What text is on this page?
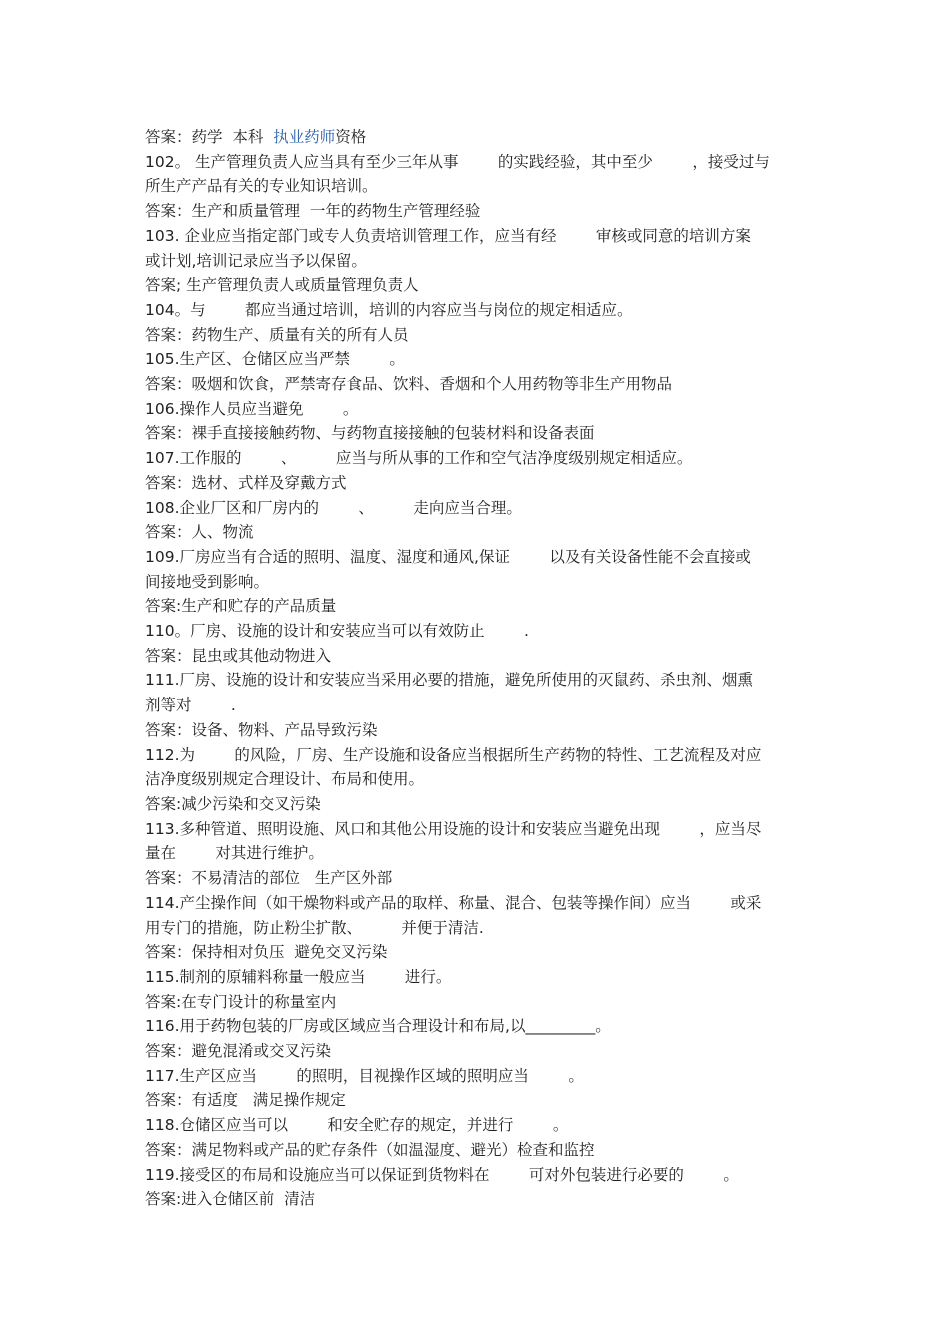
答案：药学  本科  执业药师资格
102。 生产管理负责人应当具有至少三年从事        的实践经验，其中至少        ，接受过与
所生产产品有关的专业知识培训。
答案：生产和质量管理  一年的药物生产管理经验
103. 企业应当指定部门或专人负责培训管理工作，应当有经        审核或同意的培训方案
或计划,培训记录应当予以保留。
答案; 生产管理负责人或质量管理负责人
104。与        都应当通过培训，培训的内容应当与岗位的规定相适应。
答案：药物生产、质量有关的所有人员
105.生产区、仓储区应当严禁        。
答案：吸烟和饮食，严禁寄存食品、饮料、香烟和个人用药物等非生产用物品
106.操作人员应当避免        。
答案：裸手直接接触药物、与药物直接接触的包装材料和设备表面
107.工作服的        、        应当与所从事的工作和空气洁净度级别规定相适应。
答案：选材、式样及穿戴方式
108.企业厂区和厂房内的        、        走向应当合理。
答案：人、物流
109.厂房应当有合适的照明、温度、湿度和通风,保证        以及有关设备性能不会直接或
间接地受到影响。
答案:生产和贮存的产品质量
110。厂房、设施的设计和安装应当可以有效防止        .
答案：昆虫或其他动物进入
111.厂房、设施的设计和安装应当采用必要的措施，避免所使用的灭鼠药、杀虫剂、烟熏
剂等对        .
答案：设备、物料、产品导致污染
112.为        的风险，厂房、生产设施和设备应当根据所生产药物的特性、工艺流程及对应
洁净度级别规定合理设计、布局和使用。
答案:减少污染和交叉污染
113.多种管道、照明设施、风口和其他公用设施的设计和安装应当避免出现        ，应当尽
量在        对其进行维护。
答案：不易清洁的部位   生产区外部
114.产尘操作间（如干燥物料或产品的取样、称量、混合、包装等操作间）应当        或采
用专门的措施，防止粉尘扩散、        并便于清洁.
答案：保持相对负压  避免交叉污染
115.制剂的原辅料称量一般应当        进行。
答案:在专门设计的称量室内
116.用于药物包装的厂房或区域应当合理设计和布局,以_________。
答案：避免混淆或交叉污染
117.生产区应当        的照明，目视操作区域的照明应当        。
答案：有适度   满足操作规定
118.仓储区应当可以        和安全贮存的规定，并进行        。
答案：满足物料或产品的贮存条件（如温湿度、避光）检查和监控
119.接受区的布局和设施应当可以保证到货物料在        可对外包装进行必要的        。
答案:进入仓储区前  清洁
